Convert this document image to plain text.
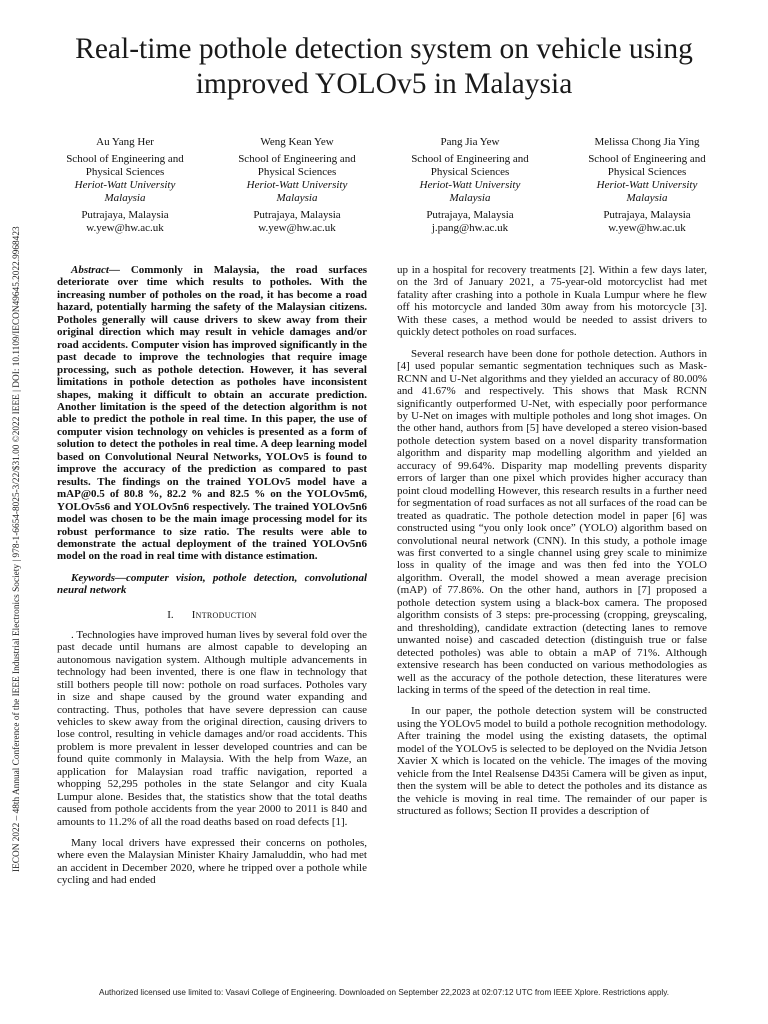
Real-time pothole detection system on vehicle using improved YOLOv5 in Malaysia
Au Yang Her
School of Engineering and
Physical Sciences
Heriot-Watt University
Malaysia
Putrajaya, Malaysia
w.yew@hw.ac.uk
Weng Kean Yew
School of Engineering and
Physical Sciences
Heriot-Watt University
Malaysia
Putrajaya, Malaysia
w.yew@hw.ac.uk
Pang Jia Yew
School of Engineering and
Physical Sciences
Heriot-Watt University
Malaysia
Putrajaya, Malaysia
j.pang@hw.ac.uk
Melissa Chong Jia Ying
School of Engineering and
Physical Sciences
Heriot-Watt University
Malaysia
Putrajaya, Malaysia
w.yew@hw.ac.uk
IECON 2022 – 48th Annual Conference of the IEEE Industrial Electronics Society | 978-1-6654-8025-3/22/$31.00 ©2022 IEEE | DOI: 10.1109/IECON49645.2022.9968423	Abstract— Commonly in Malaysia, the road surfaces deteriorate over time which results to potholes. With the increasing number of potholes on the road, it has become a road hazard, potentially harming the safety of the Malaysian citizens. Potholes generally will cause drivers to skew away from their original direction which may result in vehicle damages and/or road accidents. Computer vision has improved significantly in the past decade to improve the technologies that require image processing, such as pothole detection. However, it has several limitations in pothole detection as potholes have inconsistent shapes, making it difficult to obtain an accurate prediction. Another limitation is the speed of the detection algorithm is not able to predict the pothole in real time. In this paper, the use of computer vision technology on vehicles is presented as a form of solution to detect the potholes in real time. A deep learning model based on Convolutional Neural Networks, YOLOv5 is found to improve the accuracy of the prediction as compared to past results. The findings on the trained YOLOv5 model have a mAP@0.5 of 80.8 %, 82.2 % and 82.5 % on the YOLOv5m6, YOLOv5s6 and YOLOv5n6 respectively. The trained YOLOv5n6 model was chosen to be the main image processing model for its robust performance to size ratio. The results were able to demonstrate the actual deployment of the trained YOLOv5n6 model on the road in real time with distance estimation.

Keywords—computer vision, pothole detection, convolutional neural network

I. Introduction

. Technologies have improved human lives by several fold over the past decade until humans are almost capable to developing an autonomous navigation system. Although multiple advancements in technology had been invented, there is one flaw in technology that still bothers people till now: pothole on road surfaces. Potholes vary in size and shape caused by the ground water expanding and contracting. Thus, potholes that have severe depression can cause vehicles to skew away from the original direction, causing drivers to lose control, resulting in vehicle damages and/or road accidents. This problem is more prevalent in lesser developed countries and can be found quite commonly in Malaysia. With the help from Waze, an application for Malaysian road traffic navigation, reported a whopping 52,295 potholes in the state Selangor and city Kuala Lumpur alone. Besides that, the statistics show that the total deaths caused from pothole accidents from the year 2000 to 2011 is 840 and amounts to 11.2% of all the road deaths based on road defects [1].

Many local drivers have expressed their concerns on potholes, where even the Malaysian Minister Khairy Jamaluddin, who had met an accident in December 2020, where he tripped over a pothole while cycling and had ended

up in a hospital for recovery treatments [2]. Within a few days later, on the 3rd of January 2021, a 75-year-old motorcyclist had met fatality after crashing into a pothole in Kuala Lumpur where he flew off his motorcycle and landed 30m away from his motorcycle [3]. With these cases, a method would be needed to assist drivers to quickly detect potholes on road surfaces.

Several research have been done for pothole detection. Authors in [4] used popular semantic segmentation techniques such as Mask-RCNN and U-Net algorithms and they yielded an accuracy of 80.00% and 41.67% and respectively. This shows that Mask RCNN significantly outperformed U-Net, with especially poor performance by U-Net on images with multiple potholes and long shot images. On the other hand, authors from [5] have developed a stereo vision-based pothole detection system based on a novel disparity transformation algorithm and disparity map modelling algorithm and yielded an accuracy of 99.64%. Disparity map modelling prevents disparity errors of larger than one pixel which provides higher accuracy than point cloud modelling However, this research results in a further need for segmentation of road surfaces as not all surfaces of the road can be treated as quadratic. The pothole detection model in paper [6] was constructed using “you only look once” (YOLO) algorithm based on convolutional neural network (CNN). In this study, a pothole image was first converted to a single channel using grey scale to minimize loss in quality of the image and was then fed into the YOLO algorithm. Overall, the model showed a mean average precision (mAP) of 77.86%. On the other hand, authors in [7] proposed a pothole detection system using a black-box camera. The proposed algorithm consists of 3 steps: pre-processing (cropping, greyscaling, and thresholding), candidate extraction (detecting lanes to remove unwanted noise) and cascaded detection (distinguish true or false detected potholes) was able to obtain a mAP of 71%. Although extensive research has been conducted on various methodologies as well as the accuracy of the pothole detection, these literatures were lacking in terms of the speed of the detection in real time.

In our paper, the pothole detection system will be constructed using the YOLOv5 model to build a pothole recognition methodology. After training the model using the existing datasets, the optimal model of the YOLOv5 is selected to be deployed on the Nvidia Jetson Xavier X which is located on the vehicle. The images of the moving vehicle from the Intel Realsense D435i Camera will be given as input, then the system will be able to detect the potholes and its distance as the vehicle is moving in real time. The remainder of our paper is structured as follows; Section II provides a description of

Authorized licensed use limited to: Vasavi College of Engineering. Downloaded on September 22,2023 at 02:07:12 UTC from IEEE Xplore. Restrictions apply.
